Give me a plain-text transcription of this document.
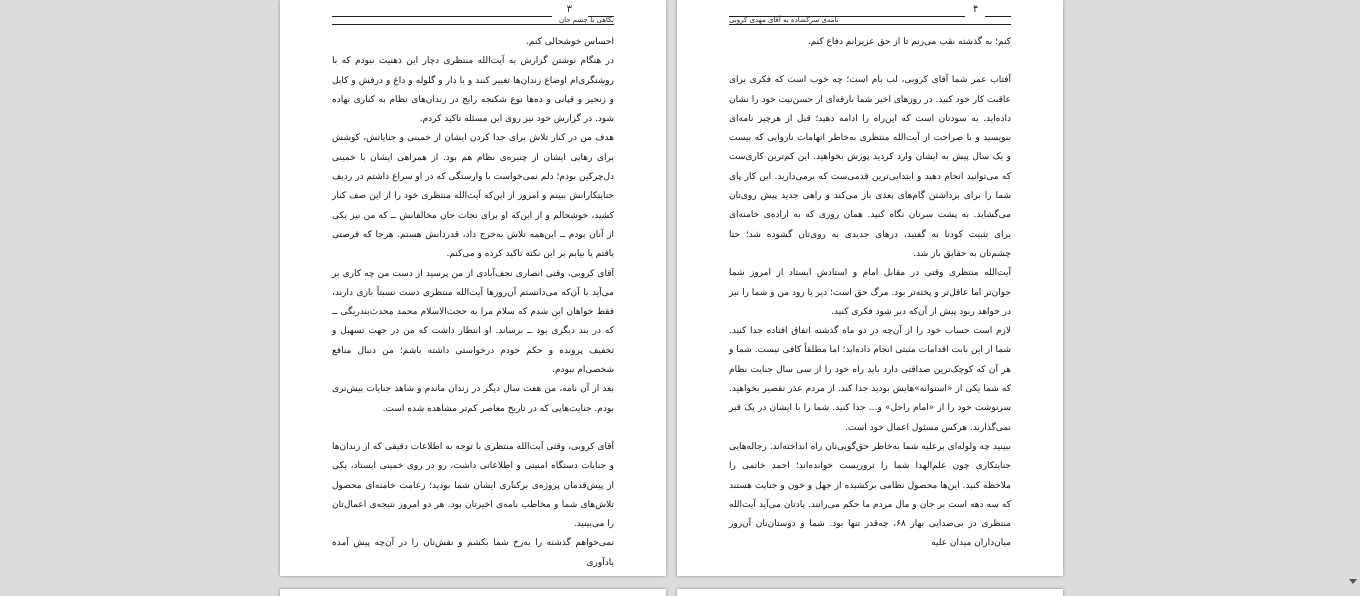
۳
نگاهی با چشم جان

احساس خوشحالی کنم.

در هنگام نوشتن گزارش به آیت‌الله منتظری دچار این ذهنیت نبودم که با روشنگری‌ام اوضاع زندان‌ها تغییر کنند و یا دار و گلوله و داغ و درفش و کابل و زنجیر و قپانی و ده‌ها نوع شکنجه رایج در زندان‌های نظام به کناری نهاده شود. در گزارش خود نیز روی این مسئله تاکید کردم.

هدف من در کنار تلاش برای جدا کردن ایشان از خمینی و جنایاتش، کوشش برای رهایی ایشان از چنبره‌ی نظام هم بود. از همراهی ایشان با خمینی دل‌چرکین بودم؛ دلم نمی‌خواست با وارستگی که در او سراغ داشتم در ردیف جنایتکارانش ببینم و امروز از این‌که آیت‌الله منتظری خود را از این صف کنار کشید، خوشحالم و از این‌که او برای نجات جان مخالفانش ــ که من نیز یکی از آنان بودم ــ این‌همه تلاش به‌خرج داد، قدردانش هستم. هرجا که فرصتی یافتم یا بیابم بر این نکته تاکید کرده و می‌کنم.

آقای کروبی، وقتی انصاری نجف‌آبادی از من پرسید از دست من چه کاری بر می‌آید با آن‌که می‌دانستم آن‌روزها آیت‌الله منتظری دست نسبتاً بازی دارند، فقط خواهان این شدم که سلام مرا به حجت‌الاسلام محمد محدث‌بندریگی ــ که در بند دیگری بود ــ برساند. او انتظار داشت که من در جهت تسهیل و تخفیف پرونده و حکم خودم درخواستی داشته باشم؛ من دنبال منافع شخصی‌ام نبودم.

بعد از آن نامه، من هفت سال دیگر در زندان ماندم و شاهد جنایات بیش‌تری بودم. جنایت‌هایی که در تاریخ معاصر کم‌تر مشاهده شده است.

آقای کروبی، وقتی آیت‌الله منتظری با توجه به اطلاعات دقیقی که از زندان‌ها و جنایات دستگاه امنیتی و اطلاعاتی داشت، رو در روی خمینی ایستاد، یکی از پیش‌قدمان پروژه‌ی برکناری ایشان شما بودید؛ زعامت خامنه‌ای محصول تلاش‌های شما و مخاطب نامه‌ی اخیرتان بود. هر دو امروز نتیجه‌ی اعمال‌تان را می‌بینید.

نمی‌خواهم گذشته را به‌رخ شما بکشم و نقش‌تان را در آن‌چه پیش آمده یادآوری

۴
نامه‌ی سرگشاده به آقای مهدی کروبی

کنم؛ به گذشته نقب می‌زنم تا از حق عزیزانم دفاع کنم.

آفتاب عمر شما آقای کروبی، لب بام است؛ چه خوب است که فکری برای عاقبت کار خود کنید. در روزهای اخیر شما بارقه‌ای از حسن‌نیت خود را نشان داده‌اید. به سودتان است که این‌راه را ادامه دهید؛ قبل از هرچیز نامه‌ای بنویسید و با صراحت از آیت‌الله منتظری به‌خاطر اتهامات ناروایی که بیست و یک سال پیش به ایشان وارد کردید پوزش بخواهید. این کم‌ترین کاری‌ست که می‌توانید انجام دهید و ابتدایی‌ترین قدمی‌ست که برمی‌دارید. این کار پای شما را برای برداشتن گام‌های بعدی باز می‌کند و راهی جدید پیش روی‌تان می‌گشاید. به پشت سرتان نگاه کنید. همان روزی که به اراده‌ی خامنه‌ای برای تثبیت کودتا نه گفتید، درهای جدیدی به روی‌تان گشوده شد؛ حتا چشم‌تان به حقایق باز شد.

آیت‌الله منتظری وقتی در مقابل امام و استادش ایستاد از امروز شما جوان‌تر اما عاقل‌تر و پخته‌تر بود. مرگ حق است؛ دیر یا زود من و شما را نیز در خواهد ربود پیش از آن‌که دیر شود فکری کنید.

لازم است حساب خود را از آن‌چه در دو ماه گذشته اتفاق افتاده جدا کنید. شما از این بابت اقدامات مثبتی انجام داده‌اید؛ اما مطلقاً کافی نیست. شما و هر آن که کوچک‌ترین صداقتی دارد باید راه خود را از سی سال جنایت نظام که شما یکی از «استوانه»هایش بودید جدا کند. از مردم عذر تقصیر بخواهید. سرنوشت خود را از «امام راحل» و... جدا کنید. شما را با ایشان در یک قبر نمی‌گذارند. هرکس مسئول اعمال خود است.

ببینید چه ولوله‌ای برعلیه شما به‌خاطر حق‌گویی‌تان راه انداخته‌اند. رجاله‌هایی جنایتکاری چون علم‌الهدا شما را تروریست خوانده‌اند؛ احمد خاتمی را ملاحظه کنید. این‌ها محصول نظامی برکشیده از جهل و خون و جنایت هستند که سه دهه است بر جان و مال مردم ما حکم می‌رانند. یادتان می‌آید آیت‌الله منتظری در بی‌صدایی بهار ۶۸، چه‌قدر تنها بود. شما و دوستان‌تان آن‌روز میان‌داران میدان علیه
